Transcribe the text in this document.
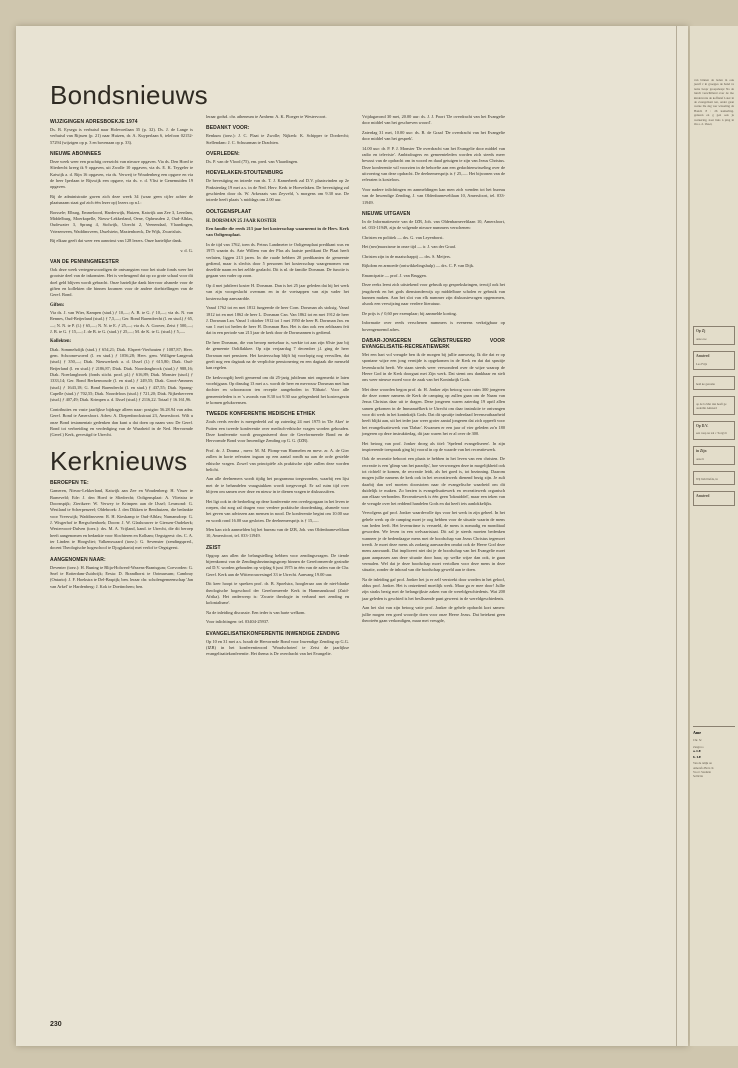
Bondsnieuws
WIJZIGINGEN ADRESBOEKJE 1974

Ds. B. Eysega is verhuisd naar Holevoetlaan 35 (p. 32). Ds. J. de Lange is verhuisd van Rijssen (p. 21) naar Huizen, dr. A. Kuyperlaan 6, telefoon 02152-57294 (wijzigen op p. 3 en bovenaan op p. 33).

NIEUWE ABONNEES

Deze week weer een prachtig overzicht van nieuwe opgaven. Via ds. Den Hoed te Sliedrecht kreeg ik 9 opgaven, uit Zwolle 10 opgaven, via ds. E. K. Teygeler te Katwijk a. d. Rijn 16 opgaven, via ds. Verweij te Woudenberg een opgave en via de heer Iperlaan te Rijswijk een opgave, via ds. v. d. Vlist te Genemuiden 19 opgaven.

Bij de administratie gaven zich deze week 34 (waar geen cijfer achter de plaatsnaam staat gaf zich één lezer op) lezers op n.l.:

Borssele; Elburg, Emmeloord, Harderwijk, Huizen, Katwijk aan Zee 3, Leerdam, Middelburg, Moerkapelle, Nieuw-Lekkerland, Oene, Opheusden 2, Oud-Alblas, Oudewater 3, Sprang 4, Stolwijk, Utrecht 2, Veenendaal, Vlaardingen, Vriezenveen, Waddinxveen, IJsselstein, Maxtenhoeck, De Wijk, Zwartsluis.

Bij elkaar geeft dat weer een aanwinst van 128 lezers. Onze hartelijke dank.

v. d. G.

VAN DE PENNINGMEESTER

Ook deze week vertegenwoordigen de ontvangsten voor het stude fonds weer het grootste deel van de inkomsten. Het is verheugend dat op zo grote schaal voor dit doel geld blijven wordt gebracht. Onze hartelijke dank hiervoor alsmede voor de giften en kollekten die binnen kwamen voor de andere doelstellingen van de Geref. Bond.

Giften:

Via ds. J. van Wier, Kampen (stud.) ƒ 10,—; A. B. te G. ƒ 10,—; via ds. N. van Rennes, Oud-Beijerland (stud.) ƒ 7,5,—; Ger. Bond Barendrecht (l. en stud.) ƒ 65,—; N. N. te P. (l.) ƒ 65,—; N. N. te E. ƒ 25,—; via ds. A. Goover, Zeist ƒ 500,—; J. B. te G. ƒ 15,—; J. de B. te G. (stud.) ƒ 25,—; M. de K. te G. (stud.) ƒ 5,—.

Kollekten:

Diak. Sommelsdijk (stud.) ƒ 654,21; Diak. Elspeet-Vierhouten ƒ 1087,87; Herv. gem. Schoonrewoerd (l. en stud.) ƒ 1056,28; Herv. gem. Willigen-Langerak (stud.) ƒ 350,—; Diak. Nieuwerkerk a. d. IJssel (l.) ƒ 615,80; Diak. Oud-Beijerland (l. en stud.) ƒ 2186,87; Diak. Diak. Noordangbrock (stud.) ƒ 988,16; Diak. Noerlangbroek (fonds sticht. prod. pl.) ƒ 616,89; Diak. Monster (stud.) ƒ 1333,14; Ger. Bond Berkenwoude (l. en stud.) ƒ 249,55; Diak. Groot-Ammers (stud.) ƒ 1643,18; G. Bond Barendrecht (l. en stud.) ƒ 437,55; Diak. Sprang-Capelle (stud.) ƒ 702,55; Diak. Noordeloos (stud.) ƒ 721,20; Diak. Nijkerkerveen (stud.) ƒ 407,49; Diak. Krimpen a. d. IJssel (stud.) ƒ 2116,22. Totaal ƒ 16.161,96.

Contributies en vaste jaarlijkse bijdrage alleen naar: postgiro 56.28.94 van adm. Geref. Bond te Amersfoort. Adres: A. Diepenbrockstraat 23, Amersfoort. Wilt u onze Bond testamentair gedenken dan kunt u dat doen op naam van: De Geref. Bond tot verbreiding en verdediging van de Waarheid in de Ned. Hervormde (Geref.) Kerk, gevestigd te Utrecht.

Kerknieuws
BEROEPEN TE:

Gameren, Nieuw-Lekkerland, Katwijk aan Zee en Woudenberg: H. Visser te Barneveld; Ede: J. den Hoed te Sliedrecht; Ooltgensplaat: A. Vlietstra te Doornspijk; Zierikzee: W. Verwey te Krimpen aan de IJssel; Lexmond: G. Westland te Scherpenzeel; Oldebroek: J. den Dikken te Benthuizen, die bedankte voor Vreeswijk; Waddinxveen: R. H. Kieskamp te Oud-Alblas; Numansdorp: G. J. Wisgerhof te Bergschenhoek; Doorn: J. W. Glashouwer te Giessen-Oudekerk; Westervoort-Dulven (toez.): drs. M. A. Vrijland, kand. te Utrecht, die dit beroep heeft aangenomen en bedankte voor Slochteren en Kolham; Oegstgeest: drs. C. A. ter Linden te Hoogvliet; Valkenswaard (toez.): G. Sevenster (zendingspred., docent Theologische hogeschool te Djogjakarta) met verlof te Oegstgeest.

AANGENOMEN NAAR:

Deventer (toez.): H. Buning te Blija-Holwerd-Waxens-Brantsgum; Coevorden: G. Snel te Rotterdam-Zuidwijk; Eesta: D. Brandhorst te Ootmarsum; Cambray (Ontario): J. F. Hoekstra te Del-Baspijk; ben. leraar chr. scholengemeenschap 'Jan van Arkel' te Hardenberg: J. Kok te Doetinchem; ben.

leraar godsd. chr. atheneum te Arnhem: A. K. Ploeger te Westervoort.

BEDANKT VOOR:

Renkum (toez.): J. C. Plaat te Zwolle; Nijkerk: K. Schipper te Dordrecht; Stellendam: J. C. Schuurman te Drachten.

OVERLEDEN:

Ds. P. van de Vlood (75), em. pred. van Vlaardingen.

HOEVELAKEN-STOUTENBURG

De bevestiging en intrede van ds. T. J. Kamerbeek zal D.V. plaatsvinden op 2e Pinksterdag 19 mei a.s. in de Ned. Herv. Kerk te Hoevelaken. De bevestiging zal geschieden door ds. W. Arkeraats van Zeyveld, 's morgens om 9.30 uur. De intrede heeft plaats 's middags om 2.00 uur.

OOLTGENSPLAAT
H. DORSMAN 25 JAAR KOSTER

Een familie die reeds 213 jaar het kostersschap waarneemt in de Herv. Kerk van Ooltgensplaat.

In de tijd van 1762, toen ds. Petrus Landmeter te Ooltgensplaat predikant was en 1975 waarin ds. Arie Willem van der Plas als laatste predikant De Plaat heeft verlaten, liggen 213 jaren. In die ruade hebben 20 predikanten de gemeente gediend, maar is slechts door 5 personen het kostersschap waargenomen van dezelfde naam en het zelfde gealacht. Dit is nl. de familie Dorsman. De functie is gegaan van vader op zoon.

Op 4 mei jubileert koster H. Dorsman. Dan is het 25 jaar geleden dat hij het werk van zijn voorgeslacht overnam en in de voetsappen van zijn vader het kostersschap aanvaardde.

Vanaf 1762 tot en met 1812 fungeerde de heer Corn. Dorsman als stoksig. Vanaf 1812 tot en met 1862 de heer L. Dorsman Czn. Van 1862 tot en met 1912 de heer J. Dorsman Lzn. Vanaf 1 oktober 1912 tot 1 mei 1950 de heer B. Dorsman Jzn. en van 1 mei tot heden de heer H. Dorsman Bzn. Het is dan ook een zeldzaam feit dat in een periode van 213 jaar de kerk door de Dorsmannen is gediend.

De heer Dorsman, die van beroep metselaar is, werkte tot aan zijn 65ste jaar bij de gemeente Ooltflakkee. Op zijn verjaardag 7 december j.l. ging de heer Dorsman met pensioen. Het kostersschap blijft hij voorlopig nog vervullen, dat geeft nog een dagtaak na de verplichte pensionering en een dagtaak die menseld kan regelen.

De kerkvoogdij heeft gemeend om dit 25-jarig jubileum niet ongemerkt te laten voorbijgaan. Op dinsdag 13 mei a.s. wordt de heer en mevrouw Dorsman met hun dochter en schoonzoon ten receptie aangeboden in 'Elthato'. Voor alle gemeenteleden is er 's avonds van 8.30 tot 9.30 uur gelegenheid het kostersgezin te komen gelukwensen.

TWEEDE KONFERENTIE MEDISCHE ETHIEK

Zoals reeds eerder is meegedeeld zal op zaterdag 24 mei 1975 in 'De Aker' te Putten een tweede konferentie over medisch-ethische vragen worden gehouden. Deze konferentie wordt georganiseerd door de Gereformeerde Bond en de Hervormde Bond voor Inwendige Zending op G. G. (IZB).

Prof. dr. J. Douma , mevr. M. M. Plomp-van Harmelen en mevr. zr. A. de Gier zullen in korte referaten ingaan op een aantal rondh na aan de orde gestelde ethische vragen. Zowel van principiële als praktische zijde zullen deze worden belicht.

Aan alle deelnemers wordt tijdig het programma toegezonden, waarbij een lijst met de te behandelen vraagstukken wordt toegevoegd. Er zal ruim tijd over blijven om samen over deze en nieuw in te dienen vragen te disksussifren.

Het ligt ook in de bedoeling op deze konferentie een overlegorgaan in het leven te roepen, dat zorg zal dragen voor verdere praktische doordenking, alsmede voor het geven van adviezen aan mensen in nood. De konferentie begint om 10.00 uur en wordt rond 16.00 uur gesloten. De deelnemersprijs is ƒ 15,—.

Men kan zich aanmelden bij het bureau van de IZB, Joh. van Oldenbarneveltlaan 10, Amersfoort, tel. 033-11949.

ZEIST

Opgrop aan allen die belangstelling hebben voor zendingsvragen. De tiende bijeenkomst van de Zendingsbezinningsgroep binnen de Gereformeerde gezindte zal D.V. worden gehouden op vrijdag 6 juni 1975 in één van de zalen van de Chr. Geref. Kerk aan de Witterrouwesingel 33 te Utrecht. Aanvang 19.00 uur.

Dit keer hoopt te spreken prof. dr. B. Spoelstra, hoogleraar aan de niet-blanke theologische hogeschool der Gereformeerde Kerk in Hammanskraal (Zuid-Afrika). Het onderwerp is: 'Zwarte theologie in verband met zending en kolonialisme'.

Na de inleiding discussie. Een ieder is van harte welkom.

Voor inlichtingen: tel. 03404-25937.

EVANGELISATIEKONFERENTIE INWENDIGE ZENDING

Op 10 en 31 mei a.s. houdt de Hervormde Bond voor Inwendige Zending op G.G. (IZB) in het konferentieoord 'Woudschoten' te Zeist de jaarlijkse evangelisatiekonferentie. Het thema is De overdracht van het Evangelie.

Vrijdagavond 30 mei, 20.00 uur: ds. J. J. Poort 'De overdracht van het Evangelie door middel van het geschreven woord'.

Zaterdag 31 mei, 10.00 uur: ds. B. de Graaf 'De overdracht van het Evangelie door middel van het gesprek'.

14.00 uur: dr. P. P. J. Monster 'De overdracht van het Evangelie door middel van radio en televisie'. Ambtsdragers en gemeenteleden worden zich steeds meer bewust van de opdracht om in woord en daad getuigen te zijn van Jezus Christus. Deze konferentie wil voorzien in de behoefte aan een gedachtenwisseling over de uitvoering van deze opdracht. De deelnemersprijs is ƒ 25,—. Het bijwonen van de referaten is kosteloos.

Voor nadere inlichtingen en aanmeldingen kan men zich wenden tot het bureau van de Inwendige Zending, J. van Oldenbarneveltlaan 10, Amersfoort, tel. 033-11949.

NIEUWE UITGAVEN

In de Informatieserie van de IZB, Joh. van Oldenbarneveltlaan 10, Amersfoort, tel. 033-11949, zijn de volgende nieuwe nummers verschenen:

Christen en politiek — drs. G. van Leyenborst.

Het (neo)marxisme in onze tijd — ir. J. van der Graaf.

Christen zijn in de maatschappij — drs. S. Meijers.

Rijkdom en armoede (ontwikkelingshulp) — drs. C. P. van Dijk.

Emancipatie — prof. J. van Bruggen.

Deze reeks leent zich uitstekend voor gebruik op gesprekskringen, terwijl ook het jeugdwerk en het gods dienstonderwijs op middelbare scholen er gebruik van kunnen maken. Aan het slot van elk nummer zijn diskussievragen opgenomen, alsook een verwijzing naar verdere literatuur.

De prijs is ƒ 0,60 per exemplaar; bij aanmelde korting.

Informatie over reeds verschenen nummers is eveneens verkrijgbaar op bovengenoemd adres.

DABAR-JONGEREN GEÏNSTRUEERD VOOR EVANGELISATIE-RECREATIEWERK

Met een hart vol vreugde ben ik de morgen bij jullie aanwezig. Ik die dat er op spontane wijze een jong vernijde is opgekomen in de Kerk en dat dat spruitje levenskracht heeft. We staan steeds weer verwonderd over de wijze waarop de Heere God in de Kerk doorgaat met Zijn werk. Dat stemt ons dankbaar en stelt ons weer nieuwe moed voor de zaak van het Koninkrijk Gods.

Met deze woorden begon prof. dr. H. Jonker zijn betoog voor ruim 300 jongeren die deze zomer namens de Kerk de camping op zullen gaan om de Naam van Jezus Christus daar uit te dragen. Deze jongeren waren zaterdag 19 april allen samen gekomen in de Immanuëlkerk te Utrecht om daar instruktie te ontvangen voor dit werk in het koninkrijk Gods. Dat dit spruitje inderdaad levensvatbaarheid heeft blijkt aan, uit het ieder jaar weer groter aantal jongeren dat zich oppeelt voor het evangelisatiewerk van 'Dabar'. Kwamen er een jaar of vier geleden zo'n 180 jongeren op deze instruktiedag, dit jaar waren het er al over de 300.

Het betoog van prof. Jonker droeg als titel: 'Spelend evangeliseren'. In zijn inspirerende toespraak ging hij vooral in op de waarde van het recreatiewerk.

Ook de recreatie behoort een plaats te hebben in het leven van een christen. De recreatie is een 'glimp van het paradijs', hoe verwrongen deze in mogelijkheid ook tot richtelf te komen, de recreatie leidt, als het goed is, tot bezinning. Daarom mogen jullie namens de kerk ook in het recreatiewerk dienend bezig zijn. Je zult daarbij dan wel moeten doorstoten naar de evangelische waarheid om dit duidelijk te maken. Zo bezien is evangelisatiewerk en recreatiewerk organisch aan elkaar verbonden. Recreatiewerk is één geen 'lokmiddel', maar een teken van de vreugde over het reddend handelen Gods en dat heeft iets aanlokkelijks.

Vervolgens gaf prof. Jonker waardevolle tips voor het werk in zijn geheel. In het gehele werk op de camping moet je oog hebben voor de situatie waarin de mens van heden leeft. Het levensritme is versneld, de mens is nomadig en monditaal geworden. We leven in een welvaartstaat. Dit zal je steeds moeten bedenken wanneer je de bedendaagse mens met de boodschap van Jezus Christus tegemoet treedt. Je moet deze mens als zodanig aanvaarden omdat ook de Heere God deze mens aanvaardt. Dat impliceert niet dat je de boodschap van het Evangelie moet gaan aanpassen aan deze situatie door haar, op welke wijze dan ook, te gaan vermalen. Wel dat je deze boodschap moet vertolken voor deze mens in deze situatie, zonder de inhoud van die boodschap geweld aan te doen.

Na de inleiding gaf prof. Jonker het ja er zelf verstrekt door worden in het geloof, aldus prof. Jonker. Het is ontzettend moeilijk werk. Maar ga er mee door! Jullie zijn straks bezig met de belangrijkste zaken van de wereldgeschiedenis. Wat 200 jaar geleden is geschied is het besllssende punt geweest in de wereldgeschiedenis.

Aan het slot van zijn betoog vatte prof. Jonker de gehele opdracht kort samen: jullie mogen een goed woordje doen voor onze Heere Jezus. Dat betekent geen theorieën gaan verkondigen, maar met vreugde,

230
van binnen de leden in ook jezelf v in groepjes de hand va naire bespr groepsbespr Na de lunch verschillend over de mo kinderverie de koffietaf Later in de evangelisati ten, onder gaan werke De dag wer wisseling da Handl. 8 : 26 kamerling. gelezen en g gen ook ju werkering, naar huis n ping in Ou a. d. IJssel,
Op Zj
onze zoe
Amsterd
Leo Frijz
heid ke genome
op de la Met dan heeft ge ouderlin Amsterd
Op D.V.
een roup na zal c 'Zorgvli
in Zijn
onze li
Wij bidd liefde, in
Amsterd
Ame
Chr. Sc
Zangvoo
a. LE
b. LE
Van de telijk on
Amersfo Herv. K
Voor i Stadsrin
Sollicita
